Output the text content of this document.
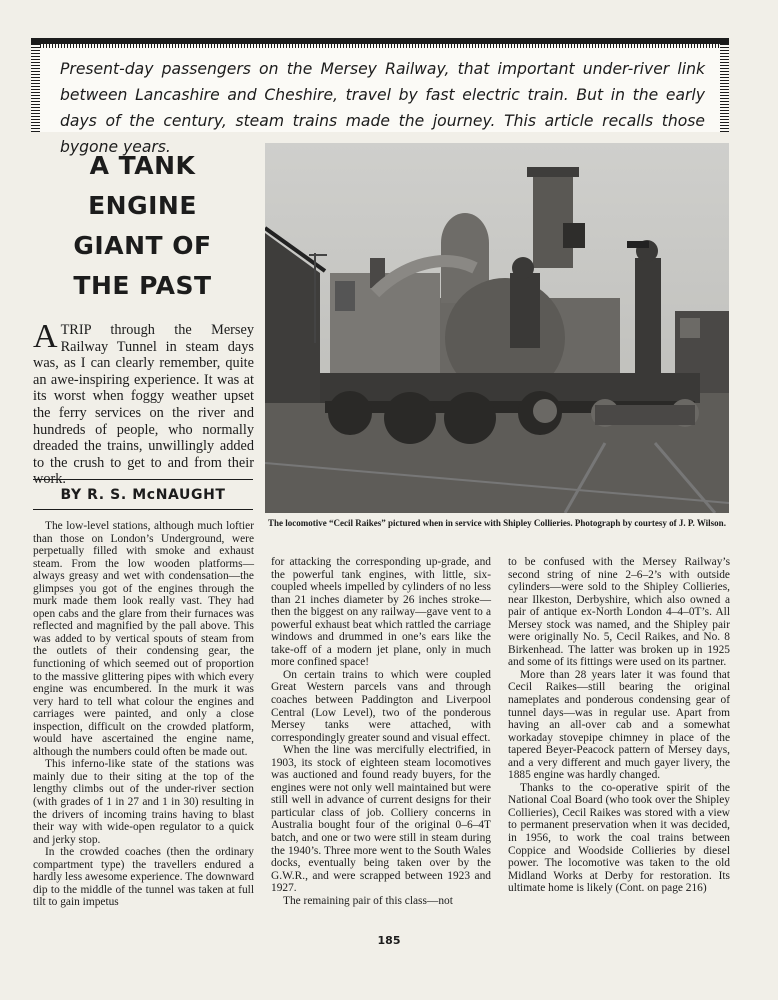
Present-day passengers on the Mersey Railway, that important under-river link between Lancashire and Cheshire, travel by fast electric train. But in the early days of the century, steam trains made the journey. This article recalls those bygone years.

A TANK
ENGINE
GIANT OF
THE PAST

ATRIP through the Mersey Railway Tunnel in steam days was, as I can clearly remember, quite an awe-inspiring experience. It was at its worst when foggy weather upset the ferry services on the river and hundreds of people, who normally dreaded the trains, unwillingly added to the crush to get to and from their work.

BY R. S. McNAUGHT

The locomotive “Cecil Raikes” pictured when in service with Shipley Collieries. Photograph by courtesy of J. P. Wilson.

The low-level stations, although much loftier than those on London’s Underground, were perpetually filled with smoke and exhaust steam. From the low wooden platforms—always greasy and wet with condensation—the glimpses you got of the engines through the murk made them look really vast. They had open cabs and the glare from their furnaces was reflected and magnified by the pall above. This was added to by vertical spouts of steam from the outlets of their condensing gear, the functioning of which seemed out of proportion to the massive glittering pipes with which every engine was encumbered. In the murk it was very hard to tell what colour the engines and carriages were painted, and only a close inspection, difficult on the crowded platform, would have ascertained the engine name, although the numbers could often be made out.

This inferno-like state of the stations was mainly due to their siting at the top of the lengthy climbs out of the under-river section (with grades of 1 in 27 and 1 in 30) resulting in the drivers of incoming trains having to blast their way with wide-open regulator to a quick and jerky stop.

In the crowded coaches (then the ordinary compartment type) the travellers endured a hardly less awesome experience. The downward dip to the middle of the tunnel was taken at full tilt to gain impetus

for attacking the corresponding up-grade, and the powerful tank engines, with little, six-coupled wheels impelled by cylinders of no less than 21 inches diameter by 26 inches stroke—then the biggest on any railway—gave vent to a powerful exhaust beat which rattled the carriage windows and drummed in one’s ears like the take-off of a modern jet plane, only in much more confined space!

On certain trains to which were coupled Great Western parcels vans and through coaches between Paddington and Liverpool Central (Low Level), two of the ponderous Mersey tanks were attached, with correspondingly greater sound and visual effect.

When the line was mercifully electrified, in 1903, its stock of eighteen steam locomotives was auctioned and found ready buyers, for the engines were not only well maintained but were still well in advance of current designs for their particular class of job. Colliery concerns in Australia bought four of the original 0–6–4T batch, and one or two were still in steam during the 1940’s. Three more went to the South Wales docks, eventually being taken over by the G.W.R., and were scrapped between 1923 and 1927.

The remaining pair of this class—not

to be confused with the Mersey Railway’s second string of nine 2–6–2’s with outside cylinders—were sold to the Shipley Collieries, near Ilkeston, Derbyshire, which also owned a pair of antique ex-North London 4–4–0T’s. All Mersey stock was named, and the Shipley pair were originally No. 5, Cecil Raikes, and No. 8 Birkenhead. The latter was broken up in 1925 and some of its fittings were used on its partner.

More than 28 years later it was found that Cecil Raikes—still bearing the original nameplates and ponderous condensing gear of tunnel days—was in regular use. Apart from having an all-over cab and a somewhat workaday stovepipe chimney in place of the tapered Beyer-Peacock pattern of Mersey days, and a very different and much gayer livery, the 1885 engine was hardly changed.

Thanks to the co-operative spirit of the National Coal Board (who took over the Shipley Collieries), Cecil Raikes was stored with a view to permanent preservation when it was decided, in 1956, to work the coal trains between Coppice and Woodside Collieries by diesel power. The locomotive was taken to the old Midland Works at Derby for restoration. Its ultimate home is likely (Cont. on page 216)

185
